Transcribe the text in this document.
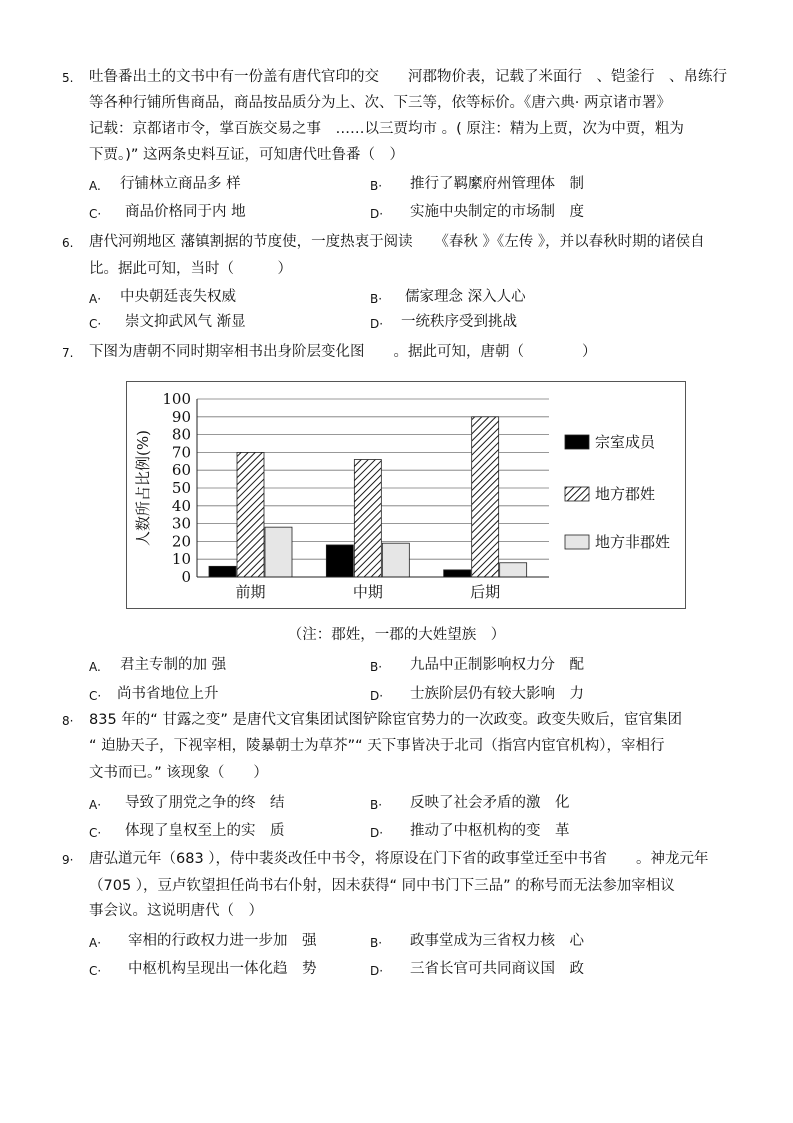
5. 吐鲁番出土的文书中有一份盖有唐代官印的交　　河郡物价表，记载了米面行　、铠釜行　、帛练行
等各种行铺所售商品，商品按品质分为上、次、下三等，依等标价。《唐六典· 两京诸市署》
记载：京都诸市令，掌百族交易之事　……以三贾均市 。( 原注：精为上贾，次为中贾，粗为
下贾。)” 这两条史料互证，可知唐代吐鲁番（　）
A. 行铺林立商品多 样	B· 推行了羁縻府州管理体　制
C· 商品价格同于内 地	D· 实施中央制定的市场制　度
6. 唐代河朔地区 藩镇割据的节度使，一度热衷于阅读　　《春秋 》《左传 》，并以春秋时期的诸侯自
比。据此可知，当时（　　　）
A· 中央朝廷丧失权威	B· 儒家理念 深入人心
C· 崇文抑武风气 渐显	D· 一统秩序受到挑战
7. 下图为唐朝不同时期宰相书出身阶层变化图　　。据此可知，唐朝（　　　　）
0
10
20
30
40
50
60
70
80
90
100
人数所占比例(%)
前期	中期	后期
宗室成员
地方郡姓
地方非郡姓
（注：郡姓，一郡的大姓望族　）
A. 君主专制的加 强	B· 九品中正制影响权力分　配
C· 尚书省地位上升	D· 士族阶层仍有较大影响　力
8· 835 年的“ 甘露之变” 是唐代文官集团试图铲除宦官势力的一次政变。政变失败后，宦官集团
“ 迫胁天子，下视宰相，陵暴朝士为草芥”“ 天下事皆决于北司（指宫内宦官机构），宰相行
文书而已。” 该现象（　　）
A· 导致了朋党之争的终　结	B· 反映了社会矛盾的激　化
C· 体现了皇权至上的实　质	D· 推动了中枢机构的变　革
9· 唐弘道元年（683 ），侍中裴炎改任中书令，将原设在门下省的政事堂迁至中书省　　。神龙元年
（705 ），豆卢钦望担任尚书右仆射，因未获得“ 同中书门下三品” 的称号而无法参加宰相议
事会议。这说明唐代（　）
A· 宰相的行政权力进一步加　强	B· 政事堂成为三省权力核　心
C· 中枢机构呈现出一体化趋　势	D· 三省长官可共同商议国　政
